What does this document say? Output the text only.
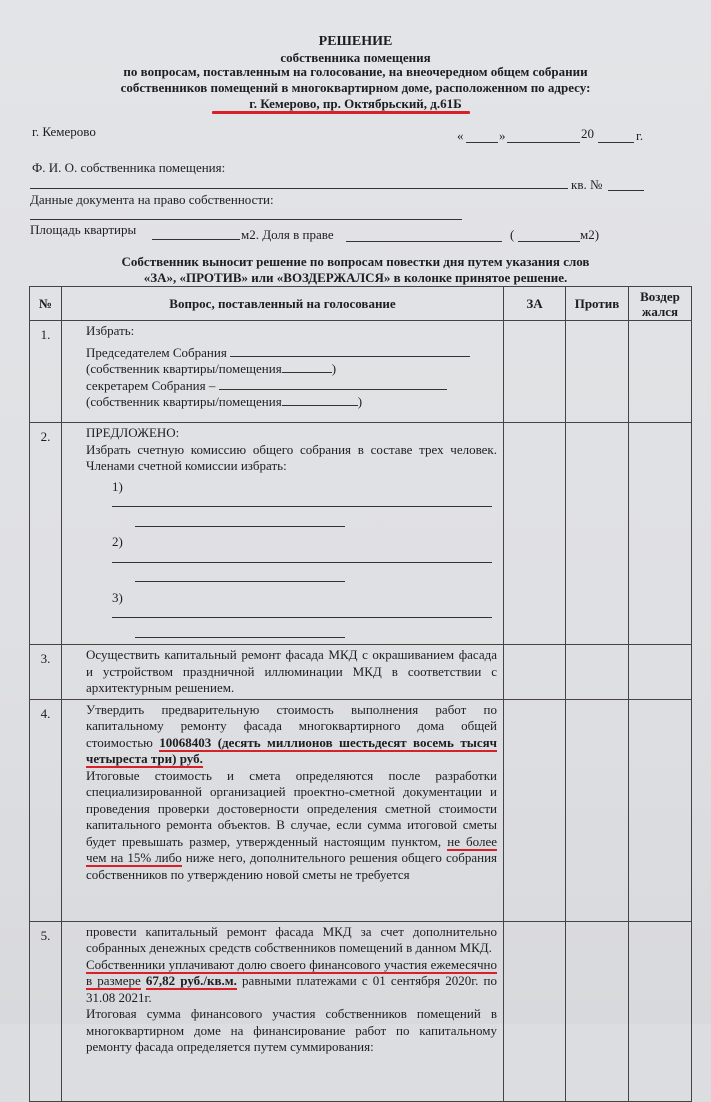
РЕШЕНИЕ
собственника помещения
по вопросам, поставленным на голосование, на внеочередном общем собрании
собственников помещений в многоквартирном доме, расположенном по адресу:
г. Кемерово, пр. Октябрьский, д.61Б
г. Кемерово	«	»	20	г.
Ф. И. О. собственника помещения:
кв. №
Данные документа на право собственности:
Площадь квартиры	м2. Доля в праве	(	м2)
Собственник выносит решение по вопросам повестки дня путем указания слов
«ЗА», «ПРОТИВ» или «ВОЗДЕРЖАЛСЯ» в колонке принятое решение.
№	Вопрос, поставленный на голосование	ЗА	Против	Воздер
жался

1.	Избрать:

Председателем Собрания

(собственник квартиры/помещения )

секретарем Собрания –

(собственник квартиры/помещения )			

2.	ПРЕДЛОЖЕНО:

Избрать счетную комиссию общего собрания в составе трех человек. Членами счетной комиссии избрать:

1)

2)

3)			

3.	Осуществить капитальный ремонт фасада МКД с окрашиванием фасада и устройством праздничной иллюминации МКД в соответствии с архитектурным решением.			

4.	Утвердить предварительную стоимость выполнения работ по капитальному ремонту фасада многоквартирного дома общей стоимостью 10068403 (десять миллионов шестьдесят восемь тысяч четыреста три) руб.

Итоговые стоимость и смета определяются после разработки специализированной организацией проектно-сметной документации и проведения проверки достоверности определения сметной стоимости капитального ремонта объектов. В случае, если сумма итоговой сметы будет превышать размер, утвержденный настоящим пунктом, не более чем на 15% либо ниже него, дополнительного решения общего собрания собственников по утверждению новой сметы не требуется			

5.	провести капитальный ремонт фасада МКД за счет дополнительно собранных денежных средств собственников помещений в данном МКД.

Собственники уплачивают долю своего финансового участия ежемесячно в размере 67,82 руб./кв.м. равными платежами с 01 сентября 2020г. по 31.08 2021г.

Итоговая сумма финансового участия собственников помещений в многоквартирном доме на финансирование работ по капитальному ремонту фасада определяется путем суммирования:			
